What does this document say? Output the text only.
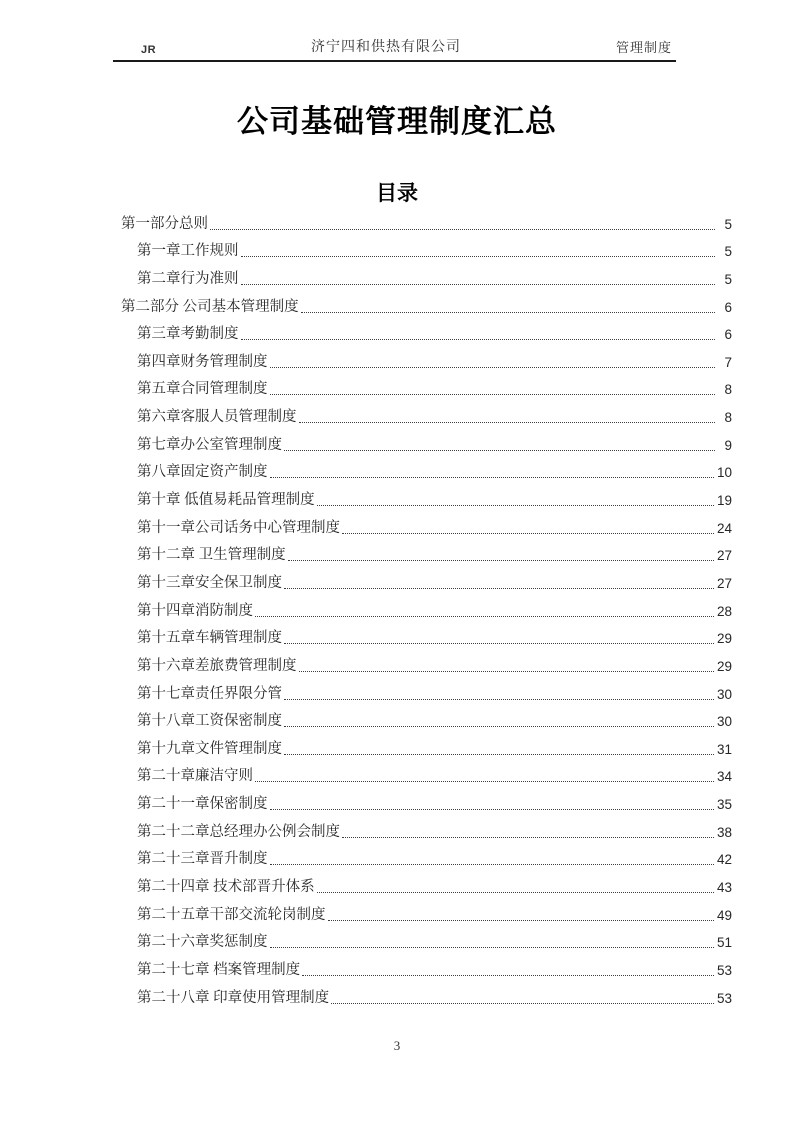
JR	济宁四和供热有限公司	管理制度
公司基础管理制度汇总
目录
第一部分总则	5
第一章工作规则	5
第二章行为准则	5
第二部分 公司基本管理制度	6
第三章考勤制度	6
第四章财务管理制度	7
第五章合同管理制度	8
第六章客服人员管理制度	8
第七章办公室管理制度	9
第八章固定资产制度	10
第十章 低值易耗品管理制度	19
第十一章公司话务中心管理制度	24
第十二章 卫生管理制度	27
第十三章安全保卫制度	27
第十四章消防制度	28
第十五章车辆管理制度	29
第十六章差旅费管理制度	29
第十七章责任界限分管	30
第十八章工资保密制度	30
第十九章文件管理制度	31
第二十章廉洁守则	34
第二十一章保密制度	35
第二十二章总经理办公例会制度	38
第二十三章晋升制度	42
第二十四章 技术部晋升体系	43
第二十五章干部交流轮岗制度	49
第二十六章奖惩制度	51
第二十七章 档案管理制度	53
第二十八章 印章使用管理制度	53
3
